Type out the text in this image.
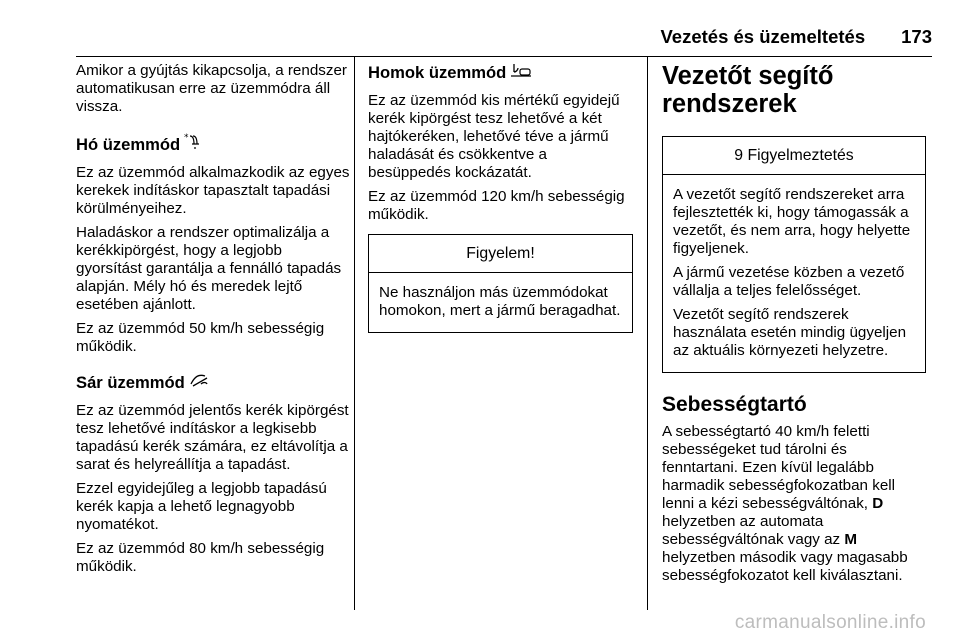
Vezetés és üzemeltetés 173

Amikor a gyújtás kikapcsolja, a rendszer automatikusan erre az üzemmódra áll vissza.

Hó üzemmód *

Ez az üzemmód alkalmazkodik az egyes kerekek indításkor tapasztalt tapadási körülményeihez.

Haladáskor a rendszer optimalizálja a kerékkipörgést, hogy a legjobb gyorsítást garantálja a fennálló tapadás alapján. Mély hó és meredek lejtő esetében ajánlott.

Ez az üzemmód 50 km/h sebességig működik.

Sár üzemmód

Ez az üzemmód jelentős kerék kipörgést tesz lehetővé indításkor a legkisebb tapadású kerék számára, ez eltávolítja a sarat és helyreállítja a tapadást.

Ezzel egyidejűleg a legjobb tapadású kerék kapja a lehető legnagyobb nyomatékot.

Ez az üzemmód 80 km/h sebességig működik.

Homok üzemmód

Ez az üzemmód kis mértékű egyidejű kerék kipörgést tesz lehetővé a két hajtókeréken, lehetővé téve a jármű haladását és csökkentve a besüppedés kockázatát.

Ez az üzemmód 120 km/h sebességig működik.

Figyelem!

Ne használjon más üzemmódokat homokon, mert a jármű beragadhat.

Vezetőt segítő rendszerek
9 Figyelmeztetés

A vezetőt segítő rendszereket arra fejlesztették ki, hogy támogassák a vezetőt, és nem arra, hogy helyette figyeljenek.

A jármű vezetése közben a vezető vállalja a teljes felelősséget.

Vezetőt segítő rendszerek használata esetén mindig ügyeljen az aktuális környezeti helyzetre.

Sebességtartó

A sebességtartó 40 km/h feletti sebességeket tud tárolni és fenntartani. Ezen kívül legalább harmadik sebességfokozatban kell lenni a kézi sebességváltónak, D helyzetben az automata sebességváltónak vagy az M helyzetben második vagy magasabb sebességfokozatot kell kiválasztani.

carmanualsonline.info
